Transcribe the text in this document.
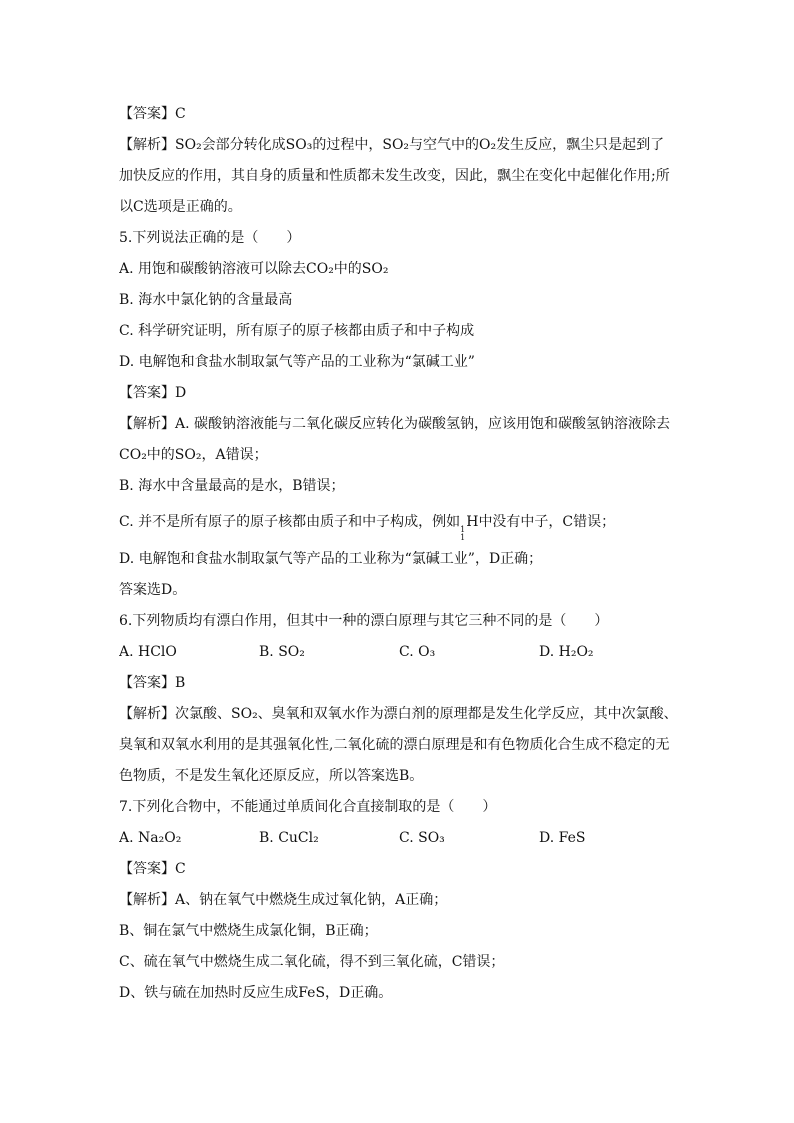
【答案】C
【解析】SO₂会部分转化成SO₃的过程中，SO₂与空气中的O₂发生反应，飘尘只是起到了
加快反应的作用，其自身的质量和性质都未发生改变，因此，飘尘在变化中起催化作用;所
以C选项是正确的。
5.下列说法正确的是（　　）
A. 用饱和碳酸钠溶液可以除去CO₂中的SO₂
B. 海水中氯化钠的含量最高
C. 科学研究证明，所有原子的原子核都由质子和中子构成
D. 电解饱和食盐水制取氯气等产品的工业称为“氯碱工业”
【答案】D
【解析】A. 碳酸钠溶液能与二氧化碳反应转化为碳酸氢钠，应该用饱和碳酸氢钠溶液除去
CO₂中的SO₂，A错误；
B. 海水中含量最高的是水，B错误；
C. 并不是所有原子的原子核都由质子和中子构成，例如 1
1
H中没有中子，C错误；
D. 电解饱和食盐水制取氯气等产品的工业称为“氯碱工业”，D正确；
答案选D。
6.下列物质均有漂白作用，但其中一种的漂白原理与其它三种不同的是（　　）
A. HClO	B. SO₂	C. O₃	D. H₂O₂
【答案】B
【解析】次氯酸、SO₂、臭氧和双氧水作为漂白剂的原理都是发生化学反应，其中次氯酸、
臭氧和双氧水利用的是其强氧化性,二氧化硫的漂白原理是和有色物质化合生成不稳定的无
色物质，不是发生氧化还原反应，所以答案选B。
7.下列化合物中，不能通过单质间化合直接制取的是（　　）
A. Na₂O₂	B. CuCl₂	C. SO₃	D. FeS
【答案】C
【解析】A、钠在氧气中燃烧生成过氧化钠，A正确；
B、铜在氯气中燃烧生成氯化铜，B正确；
C、硫在氧气中燃烧生成二氧化硫，得不到三氧化硫，C错误；
D、铁与硫在加热时反应生成FeS，D正确。
